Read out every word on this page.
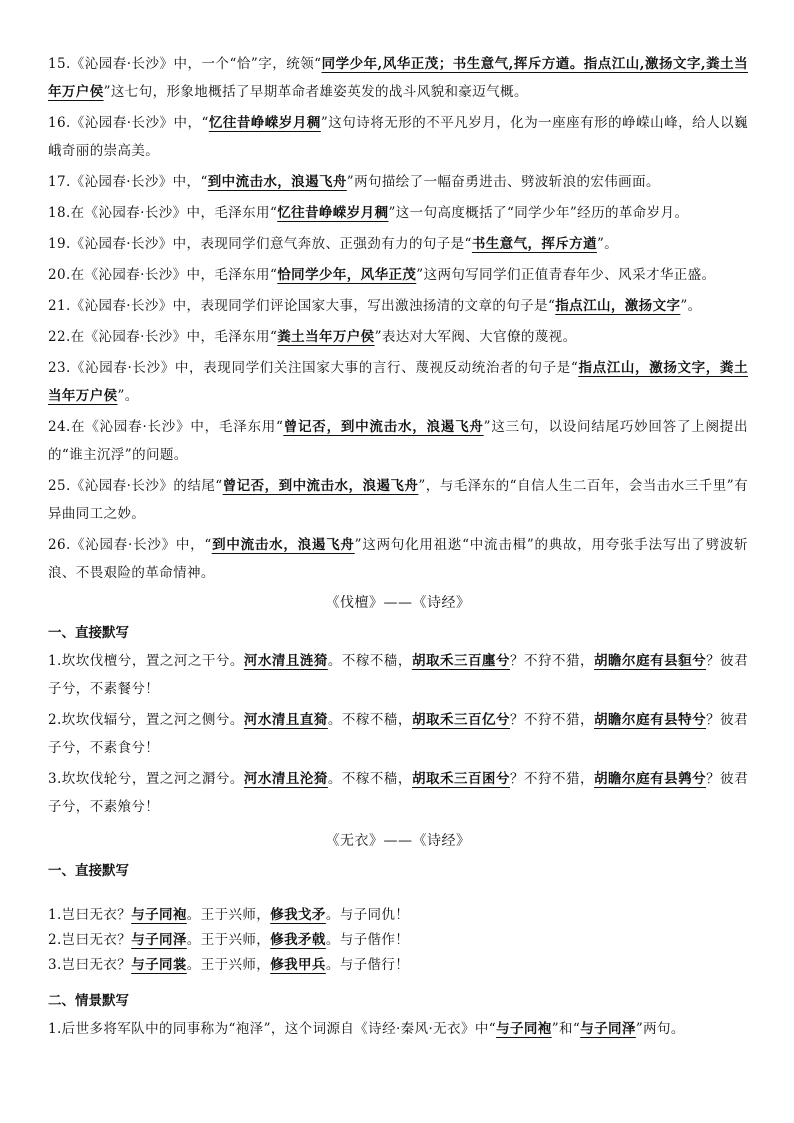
15.《沁园春·长沙》中，一个“恰”字，统领“同学少年,风华正茂；书生意气,挥斥方遒。指点江山,激扬文字,粪土当年万户侯”这七句，形象地概括了早期革命者雄姿英发的战斗风貌和豪迈气概。

16.《沁园春·长沙》中，“忆往昔峥嵘岁月稠”这句诗将无形的不平凡岁月，化为一座座有形的峥嵘山峰，给人以巍峨奇丽的崇高美。

17.《沁园春·长沙》中，“到中流击水，浪遏飞舟”两句描绘了一幅奋勇进击、劈波斩浪的宏伟画面。

18.在《沁园春·长沙》中，毛泽东用“忆往昔峥嵘岁月稠”这一句高度概括了“同学少年”经历的革命岁月。

19.《沁园春·长沙》中，表现同学们意气奔放、正强劲有力的句子是“书生意气，挥斥方遒”。

20.在《沁园春·长沙》中，毛泽东用“恰同学少年，风华正茂”这两句写同学们正值青春年少、风采才华正盛。

21.《沁园春·长沙》中，表现同学们评论国家大事，写出激浊扬清的文章的句子是“指点江山，激扬文字”。

22.在《沁园春·长沙》中，毛泽东用“粪土当年万户侯”表达对大军阀、大官僚的蔑视。

23.《沁园春·长沙》中，表现同学们关注国家大事的言行、蔑视反动统治者的句子是“指点江山，激扬文字，粪土当年万户侯”。

24.在《沁园春·长沙》中，毛泽东用“曾记否，到中流击水，浪遏飞舟”这三句，以设问结尾巧妙回答了上阕提出的“谁主沉浮”的问题。

25.《沁园春·长沙》的结尾“曾记否，到中流击水，浪遏飞舟”，与毛泽东的“自信人生二百年，会当击水三千里”有异曲同工之妙。

26.《沁园春·长沙》中，“到中流击水，浪遏飞舟”这两句化用祖逖“中流击楫”的典故，用夸张手法写出了劈波斩浪、不畏艰险的革命情神。

《伐檀》——《诗经》
一、直接默写

1.坎坎伐檀兮，置之河之干兮。河水清且涟猗。不稼不穑，胡取禾三百廛兮？不狩不猎，胡瞻尔庭有县貆兮？彼君子兮，不素餐兮！

2.坎坎伐辐兮，置之河之侧兮。河水清且直猗。不稼不穑，胡取禾三百亿兮？不狩不猎，胡瞻尔庭有县特兮？彼君子兮，不素食兮！

3.坎坎伐轮兮，置之河之漘兮。河水清且沦猗。不稼不穑，胡取禾三百囷兮？不狩不猎，胡瞻尔庭有县鹑兮？彼君子兮，不素飧兮！

《无衣》——《诗经》
一、直接默写

1.岂曰无衣？与子同袍。王于兴师，修我戈矛。与子同仇！

2.岂曰无衣？与子同泽。王于兴师，修我矛戟。与子偕作！

3.岂曰无衣？与子同裳。王于兴师，修我甲兵。与子偕行！

二、情景默写

1.后世多将军队中的同事称为“袍泽”，这个词源自《诗经·秦风·无衣》中“与子同袍”和“与子同泽”两句。
